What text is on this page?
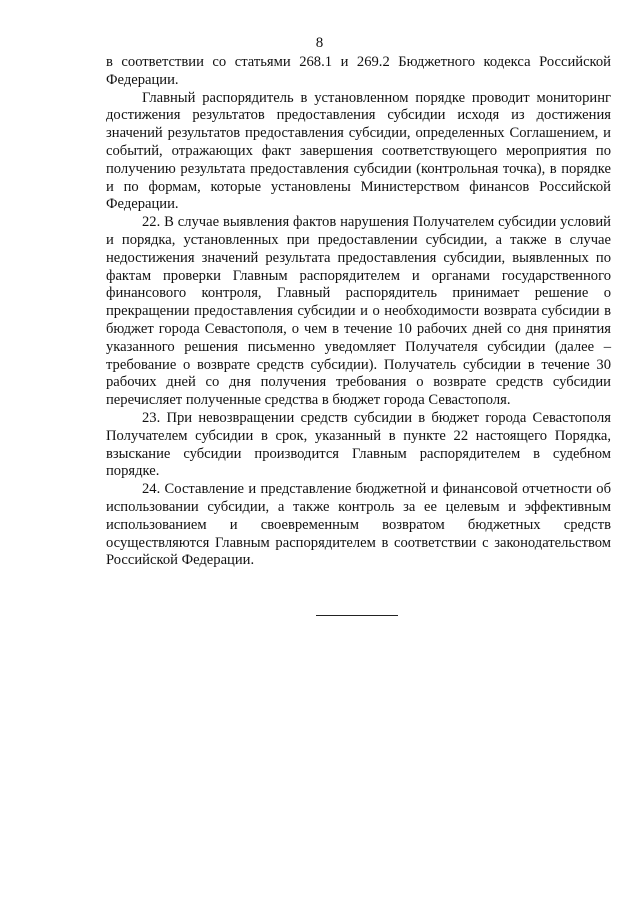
8

в соответствии со статьями 268.1 и 269.2 Бюджетного кодекса Российской Федерации.

Главный распорядитель в установленном порядке проводит мониторинг достижения результатов предоставления субсидии исходя из достижения значений результатов предоставления субсидии, определенных Соглашением, и событий, отражающих факт завершения соответствующего мероприятия по получению результата предоставления субсидии (контрольная точка), в порядке и по формам, которые установлены Министерством финансов Российской Федерации.

22. В случае выявления фактов нарушения Получателем субсидии условий и порядка, установленных при предоставлении субсидии, а также в случае недостижения значений результата предоставления субсидии, выявленных по фактам проверки Главным распорядителем и органами государственного финансового контроля, Главный распорядитель принимает решение о прекращении предоставления субсидии и о необходимости возврата субсидии в бюджет города Севастополя, о чем в течение 10 рабочих дней со дня принятия указанного решения письменно уведомляет Получателя субсидии (далее – требование о возврате средств субсидии). Получатель субсидии в течение 30 рабочих дней со дня получения требования о возврате средств субсидии перечисляет полученные средства в бюджет города Севастополя.

23. При невозвращении средств субсидии в бюджет города Севастополя Получателем субсидии в срок, указанный в пункте 22 настоящего Порядка, взыскание субсидии производится Главным распорядителем в судебном порядке.

24. Составление и представление бюджетной и финансовой отчетности об использовании субсидии, а также контроль за ее целевым и эффективным использованием и своевременным возвратом бюджетных средств осуществляются Главным распорядителем в соответствии с законодательством Российской Федерации.
